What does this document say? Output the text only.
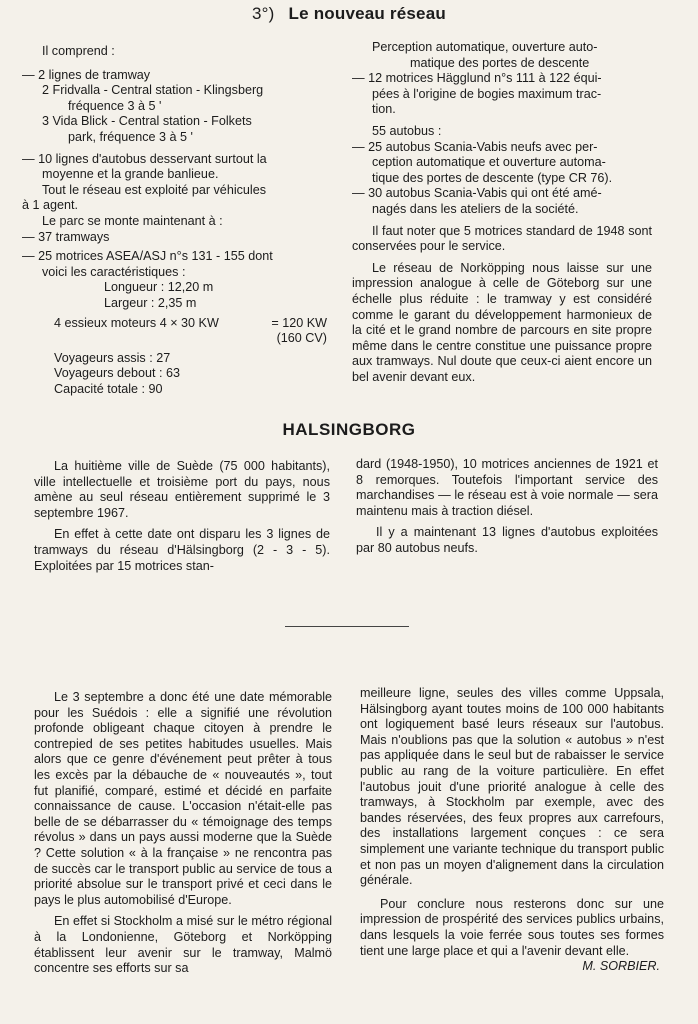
3°) Le nouveau réseau

Il comprend :

— 2 lignes de tramway

2 Fridvalla - Central station - Klingsberg

fréquence 3 à 5 '

3 Vida Blick - Central station - Folkets

park, fréquence 3 à 5 '

— 10 lignes d'autobus desservant surtout la

moyenne et la grande banlieue.

Tout le réseau est exploité par véhicules

à 1 agent.

Le parc se monte maintenant à :

— 37 tramways

— 25 motrices ASEA/ASJ n°s 131 - 155 dont

voici les caractéristiques :

Longueur : 12,20 m

Largeur : 2,35 m

4 essieux moteurs 4 × 30 KW	= 120 KW

(160 CV)

Voyageurs assis : 27

Voyageurs debout : 63

Capacité totale : 90

Perception automatique, ouverture auto-

matique des portes de descente

— 12 motrices Hägglund n°s 111 à 122 équi-

pées à l'origine de bogies maximum trac-

tion.

55 autobus :

— 25 autobus Scania-Vabis neufs avec per-

ception automatique et ouverture automa-

tique des portes de descente (type CR 76).

— 30 autobus Scania-Vabis qui ont été amé-

nagés dans les ateliers de la société.

Il faut noter que 5 motrices standard de 1948 sont conservées pour le service.

Le réseau de Norköpping nous laisse sur une impression analogue à celle de Göteborg sur une échelle plus réduite : le tramway y est considéré comme le garant du développement harmonieux de la cité et le grand nombre de parcours en site propre même dans le centre constitue une puissance propre aux tramways. Nul doute que ceux-ci aient encore un bel avenir devant eux.

HALSINGBORG

La huitième ville de Suède (75 000 habitants), ville intellectuelle et troisième port du pays, nous amène au seul réseau entièrement supprimé le 3 septembre 1967.

En effet à cette date ont disparu les 3 lignes de tramways du réseau d'Hälsingborg (2 - 3 - 5). Exploitées par 15 motrices stan-

dard (1948-1950), 10 motrices anciennes de 1921 et 8 remorques. Toutefois l'important service des marchandises — le réseau est à voie normale — sera maintenu mais à traction diésel.

Il y a maintenant 13 lignes d'autobus exploitées par 80 autobus neufs.

Le 3 septembre a donc été une date mémorable pour les Suédois : elle a signifié une révolution profonde obligeant chaque citoyen à prendre le contrepied de ses petites habitudes usuelles. Mais alors que ce genre d'événement peut prêter à tous les excès par la débauche de « nouveautés », tout fut planifié, comparé, estimé et décidé en parfaite connaissance de cause. L'occasion n'était-elle pas belle de se débarrasser du « témoignage des temps révolus » dans un pays aussi moderne que la Suède ? Cette solution « à la française » ne rencontra pas de succès car le transport public au service de tous a priorité absolue sur le transport privé et ceci dans le pays le plus automobilisé d'Europe.

En effet si Stockholm a misé sur le métro régional à la Londonienne, Göteborg et Norköpping établissent leur avenir sur le tramway, Malmö concentre ses efforts sur sa

meilleure ligne, seules des villes comme Uppsala, Hälsingborg ayant toutes moins de 100 000 habitants ont logiquement basé leurs réseaux sur l'autobus. Mais n'oublions pas que la solution « autobus » n'est pas appliquée dans le seul but de rabaisser le service public au rang de la voiture particulière. En effet l'autobus jouit d'une priorité analogue à celle des tramways, à Stockholm par exemple, avec des bandes réservées, des feux propres aux carrefours, des installations largement conçues : ce sera simplement une variante technique du transport public et non pas un moyen d'alignement dans la circulation générale.

Pour conclure nous resterons donc sur une impression de prospérité des services publics urbains, dans lesquels la voie ferrée sous toutes ses formes tient une large place et qui a l'avenir devant elle.

M. SORBIER.
